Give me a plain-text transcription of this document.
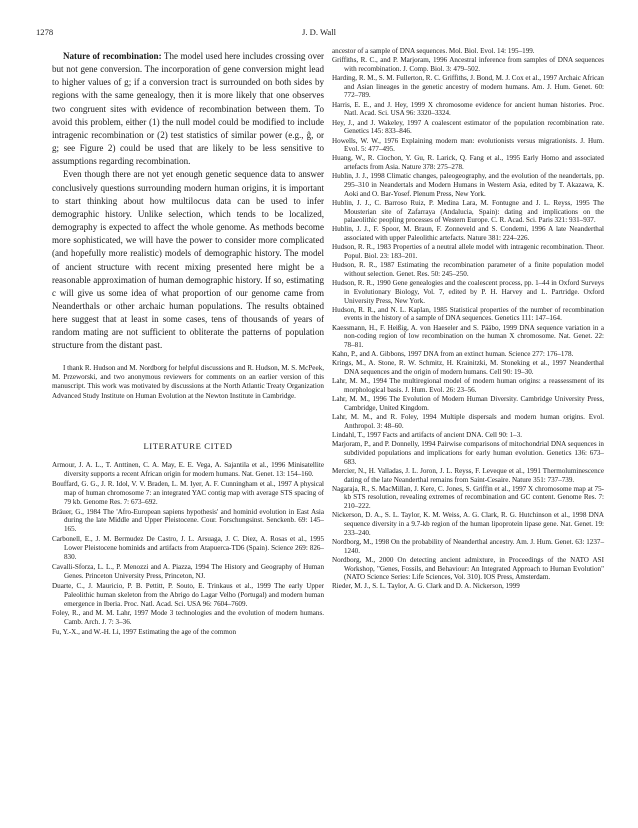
1278	J. D. Wall

Nature of recombination: The model used here includes crossing over but not gene conversion. The incorporation of gene conversion might lead to higher values of g; if a conversion tract is surrounded on both sides by regions with the same genealogy, then it is more likely that one observes two congruent sites with evidence of recombination between them. To avoid this problem, either (1) the null model could be modified to include intragenic recombination or (2) test statistics of similar power (e.g., ĝ, or g; see Figure 2) could be used that are likely to be less sensitive to assumptions regarding recombination.

Even though there are not yet enough genetic sequence data to answer conclusively questions surrounding modern human origins, it is important to start thinking about how multilocus data can be used to infer demographic history. Unlike selection, which tends to be localized, demography is expected to affect the whole genome. As methods become more sophisticated, we will have the power to consider more complicated (and hopefully more realistic) models of demographic history. The model of ancient structure with recent mixing presented here might be a reasonable approximation of human demographic history. If so, estimating c will give us some idea of what proportion of our genome came from Neanderthals or other archaic human populations. The results obtained here suggest that at least in some cases, tens of thousands of years of random mating are not sufficient to obliterate the patterns of population structure from the distant past.

I thank R. Hudson and M. Nordborg for helpful discussions and R. Hudson, M. S. McPeek, M. Przeworski, and two anonymous reviewers for comments on an earlier version of this manuscript. This work was motivated by discussions at the North Atlantic Treaty Organization Advanced Study Institute on Human Evolution at the Newton Institute in Cambridge.

LITERATURE CITED

Armour, J. A. L., T. Anttinen, C. A. May, E. E. Vega, A. Sajantila et al., 1996 Minisatellite diversity supports a recent African origin for modern humans. Nat. Genet. 13: 154–160.

Bouffard, G. G., J. R. Idol, V. V. Braden, L. M. Iyer, A. F. Cunningham et al., 1997 A physical map of human chromosome 7: an integrated YAC contig map with average STS spacing of 79 kb. Genome Res. 7: 673–692.

Bräuer, G., 1984 The 'Afro-European sapiens hypothesis' and hominid evolution in East Asia during the late Middle and Upper Pleistocene. Cour. Forschungsinst. Senckenb. 69: 145–165.

Carbonell, E., J. M. Bermudez De Castro, J. L. Arsuaga, J. C. Diez, A. Rosas et al., 1995 Lower Pleistocene hominids and artifacts from Atapuerca-TD6 (Spain). Science 269: 826–830.

Cavalli-Sforza, L. L., P. Menozzi and A. Piazza, 1994 The History and Geography of Human Genes. Princeton University Press, Princeton, NJ.

Duarte, C., J. Mauricio, P. B. Pettitt, P. Souto, E. Trinkaus et al., 1999 The early Upper Paleolithic human skeleton from the Abrigo do Lagar Velho (Portugal) and modern human emergence in Iberia. Proc. Natl. Acad. Sci. USA 96: 7604–7609.

Foley, R., and M. M. Lahr, 1997 Mode 3 technologies and the evolution of modern humans. Camb. Arch. J. 7: 3–36.

Fu, Y.-X., and W.-H. Li, 1997 Estimating the age of the common

ancestor of a sample of DNA sequences. Mol. Biol. Evol. 14: 195–199.

Griffiths, R. C., and P. Marjoram, 1996 Ancestral inference from samples of DNA sequences with recombination. J. Comp. Biol. 3: 479–502.

Harding, R. M., S. M. Fullerton, R. C. Griffiths, J. Bond, M. J. Cox et al., 1997 Archaic African and Asian lineages in the genetic ancestry of modern humans. Am. J. Hum. Genet. 60: 772–789.

Harris, E. E., and J. Hey, 1999 X chromosome evidence for ancient human histories. Proc. Natl. Acad. Sci. USA 96: 3320–3324.

Hey, J., and J. Wakeley, 1997 A coalescent estimator of the population recombination rate. Genetics 145: 833–846.

Howells, W. W., 1976 Explaining modern man: evolutionists versus migrationists. J. Hum. Evol. 5: 477–495.

Huang, W., R. Ciochon, Y. Gu, R. Larick, Q. Fang et al., 1995 Early Homo and associated artefacts from Asia. Nature 378: 275–278.

Hublin, J. J., 1998 Climatic changes, paleogeography, and the evolution of the neandertals, pp. 295–310 in Neandertals and Modern Humans in Western Asia, edited by T. Akazawa, K. Aoki and O. Bar-Yosef. Plenum Press, New York.

Hublin, J. J., C. Barroso Ruiz, P. Medina Lara, M. Fontugne and J. L. Reyss, 1995 The Mousterian site of Zafarraya (Andalucia, Spain): dating and implications on the palaeolithic peopling processes of Western Europe. C. R. Acad. Sci. Paris 321: 931–937.

Hublin, J. J., F. Spoor, M. Braun, F. Zonneveld and S. Condemi, 1996 A late Neanderthal associated with upper Paleolithic artefacts. Nature 381: 224–226.

Hudson, R. R., 1983 Properties of a neutral allele model with intragenic recombination. Theor. Popul. Biol. 23: 183–201.

Hudson, R. R., 1987 Estimating the recombination parameter of a finite population model without selection. Genet. Res. 50: 245–250.

Hudson, R. R., 1990 Gene genealogies and the coalescent process, pp. 1–44 in Oxford Surveys in Evolutionary Biology, Vol. 7, edited by P. H. Harvey and L. Partridge. Oxford University Press, New York.

Hudson, R. R., and N. L. Kaplan, 1985 Statistical properties of the number of recombination events in the history of a sample of DNA sequences. Genetics 111: 147–164.

Kaessmann, H., F. Heißig, A. von Haeseler and S. Pääbo, 1999 DNA sequence variation in a non-coding region of low recombination on the human X chromosome. Nat. Genet. 22: 78–81.

Kahn, P., and A. Gibbons, 1997 DNA from an extinct human. Science 277: 176–178.

Krings, M., A. Stone, R. W. Schmitz, H. Krainitzki, M. Stoneking et al., 1997 Neanderthal DNA sequences and the origin of modern humans. Cell 90: 19–30.

Lahr, M. M., 1994 The multiregional model of modern human origins: a reassessment of its morphological basis. J. Hum. Evol. 26: 23–56.

Lahr, M. M., 1996 The Evolution of Modern Human Diversity. Cambridge University Press, Cambridge, United Kingdom.

Lahr, M. M., and R. Foley, 1994 Multiple dispersals and modern human origins. Evol. Anthropol. 3: 48–60.

Lindahl, T., 1997 Facts and artifacts of ancient DNA. Cell 90: 1–3.

Marjoram, P., and P. Donnelly, 1994 Pairwise comparisons of mitochondrial DNA sequences in subdivided populations and implications for early human evolution. Genetics 136: 673–683.

Mercier, N., H. Valladas, J. L. Joron, J. L. Reyss, F. Leveque et al., 1991 Thermoluminescence dating of the late Neanderthal remains from Saint-Cesaire. Nature 351: 737–739.

Nagaraja, R., S. MacMillan, J. Kere, C. Jones, S. Griffin et al., 1997 X chromosome map at 75-kb STS resolution, revealing extremes of recombination and GC content. Genome Res. 7: 210–222.

Nickerson, D. A., S. L. Taylor, K. M. Weiss, A. G. Clark, R. G. Hutchinson et al., 1998 DNA sequence diversity in a 9.7-kb region of the human lipoprotein lipase gene. Nat. Genet. 19: 233–240.

Nordborg, M., 1998 On the probability of Neanderthal ancestry. Am. J. Hum. Genet. 63: 1237–1240.

Nordborg, M., 2000 On detecting ancient admixture, in Proceedings of the NATO ASI Workshop, "Genes, Fossils, and Behaviour: An Integrated Approach to Human Evolution" (NATO Science Series: Life Sciences, Vol. 310). IOS Press, Amsterdam.

Rieder, M. J., S. L. Taylor, A. G. Clark and D. A. Nickerson, 1999
